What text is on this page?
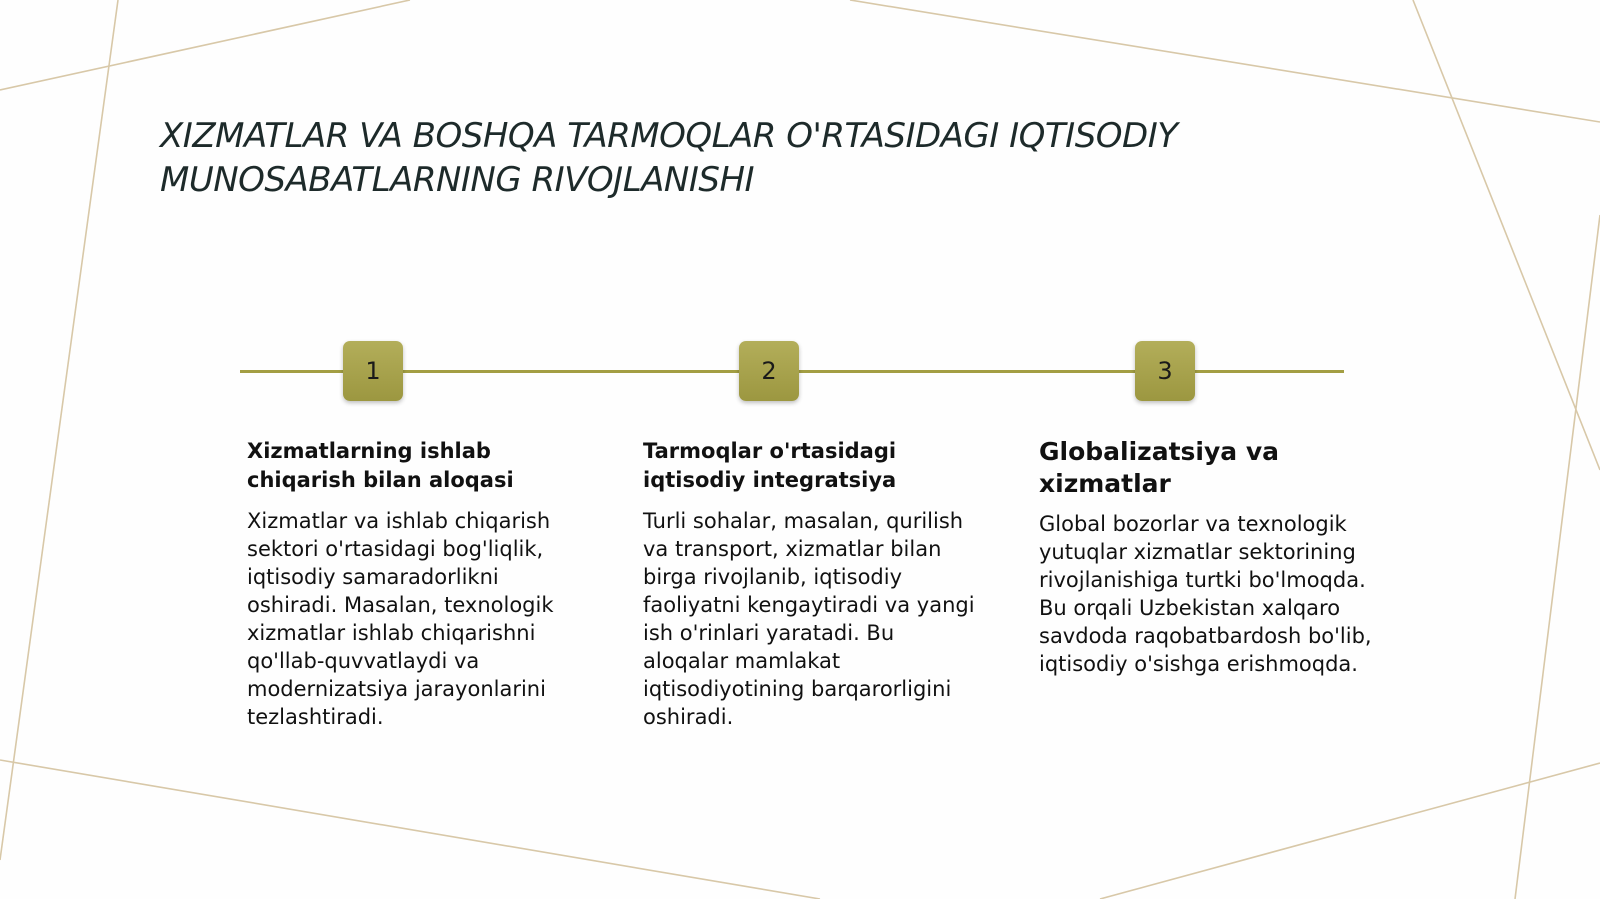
XIZMATLAR VA BOSHQA TARMOQLAR O'RTASIDAGI IQTISODIY MUNOSABATLARNING RIVOJLANISHI
1	2	3
Xizmatlarning ishlab chiqarish bilan aloqasi

Xizmatlar va ishlab chiqarish sektori o'rtasidagi bog'liqlik, iqtisodiy samaradorlikni oshiradi. Masalan, texnologik xizmatlar ishlab chiqarishni qo'llab-quvvatlaydi va modernizatsiya jarayonlarini tezlashtiradi.

Tarmoqlar o'rtasidagi iqtisodiy integratsiya

Turli sohalar, masalan, qurilish va transport, xizmatlar bilan birga rivojlanib, iqtisodiy faoliyatni kengaytiradi va yangi ish o'rinlari yaratadi. Bu aloqalar mamlakat iqtisodiyotining barqarorligini oshiradi.

Globalizatsiya va xizmatlar

Global bozorlar va texnologik yutuqlar xizmatlar sektorining rivojlanishiga turtki bo'lmoqda. Bu orqali Uzbekistan xalqaro savdoda raqobatbardosh bo'lib, iqtisodiy o'sishga erishmoqda.
